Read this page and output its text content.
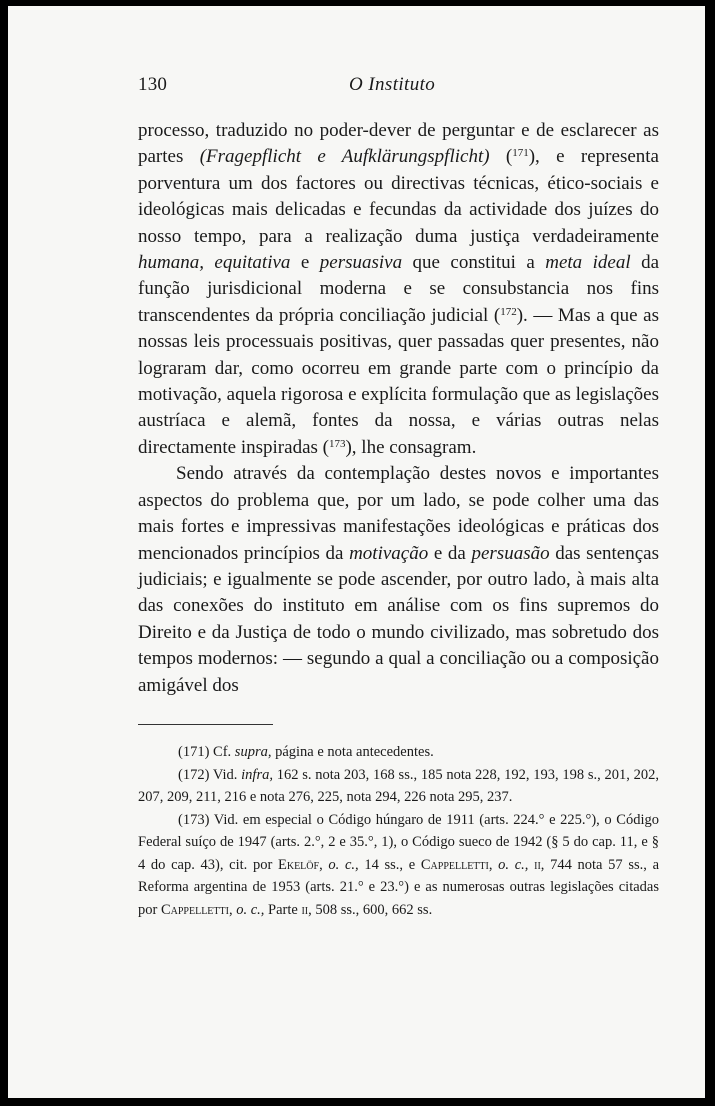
130	O Instituto

processo, traduzido no poder-dever de perguntar e de esclarecer as partes (Fragepflicht e Aufklärungspflicht) ($^{171}$), e representa porventura um dos factores ou directivas técnicas, ético-sociais e ideológicas mais delicadas e fecundas da actividade dos juízes do nosso tempo, para a realização duma justiça verdadeiramente humana, equitativa e persuasiva que constitui a meta ideal da função jurisdicional moderna e se consubstancia nos fins transcendentes da própria conciliação judicial ($^{172}$). — Mas a que as nossas leis processuais positivas, quer passadas quer presentes, não lograram dar, como ocorreu em grande parte com o princípio da motivação, aquela rigorosa e explícita formulação que as legislações austríaca e alemã, fontes da nossa, e várias outras nelas directamente inspiradas ($^{173}$), lhe consagram.

Sendo através da contemplação destes novos e importantes aspectos do problema que, por um lado, se pode colher uma das mais fortes e impressivas manifestações ideológicas e práticas dos mencionados princípios da motivação e da persuasão das sentenças judiciais; e igualmente se pode ascender, por outro lado, à mais alta das conexões do instituto em análise com os fins supremos do Direito e da Justiça de todo o mundo civilizado, mas sobretudo dos tempos modernos: — segundo a qual a conciliação ou a composição amigável dos

(171) Cf. supra, página e nota antecedentes.

(172) Vid. infra, 162 s. nota 203, 168 ss., 185 nota 228, 192, 193, 198 s., 201, 202, 207, 209, 211, 216 e nota 276, 225, nota 294, 226 nota 295, 237.

(173) Vid. em especial o Código húngaro de 1911 (arts. 224.° e 225.°), o Código Federal suíço de 1947 (arts. 2.°, 2 e 35.°, 1), o Código sueco de 1942 (§ 5 do cap. 11, e § 4 do cap. 43), cit. por Ekelöf, o. c., 14 ss., e Cappelletti, o. c., ii, 744 nota 57 ss., a Reforma argentina de 1953 (arts. 21.° e 23.°) e as numerosas outras legislações citadas por Cappelletti, o. c., Parte ii, 508 ss., 600, 662 ss.
